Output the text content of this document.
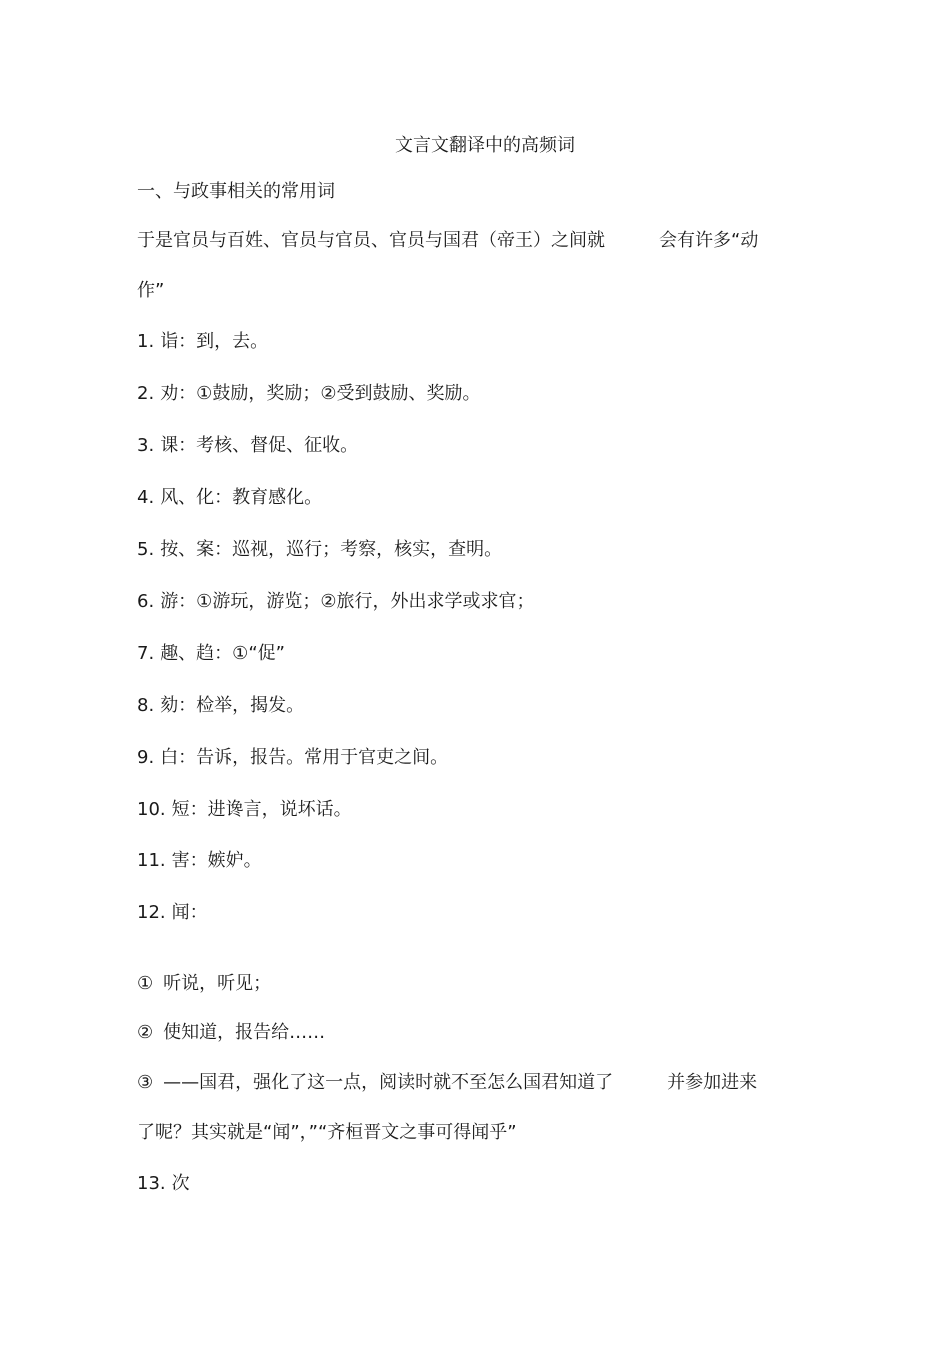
文言文翻译中的高频词
一、与政事相关的常用词
于是官员与百姓、官员与官员、官员与国君（帝王）之间就	会有许多“动
作”
1. 诣：到，去。
2. 劝：①鼓励，奖励；②受到鼓励、奖励。
3. 课：考核、督促、征收。
4. 风、化：教育感化。
5. 按、案：巡视，巡行；考察，核实，查明。
6. 游：①游玩，游览；②旅行，外出求学或求官；
7. 趣、趋：①“促”
8. 劾：检举，揭发。
9. 白：告诉，报告。常用于官吏之间。
10. 短：进谗言，说坏话。
11. 害：嫉妒。
12. 闻：
① 听说，听见；
② 使知道，报告给……
③ ——国君，强化了这一点，阅读时就不至怎么国君知道了	并参加进来
了呢？其实就是“闻”，”“齐桓晋文之事可得闻乎”
13. 次
